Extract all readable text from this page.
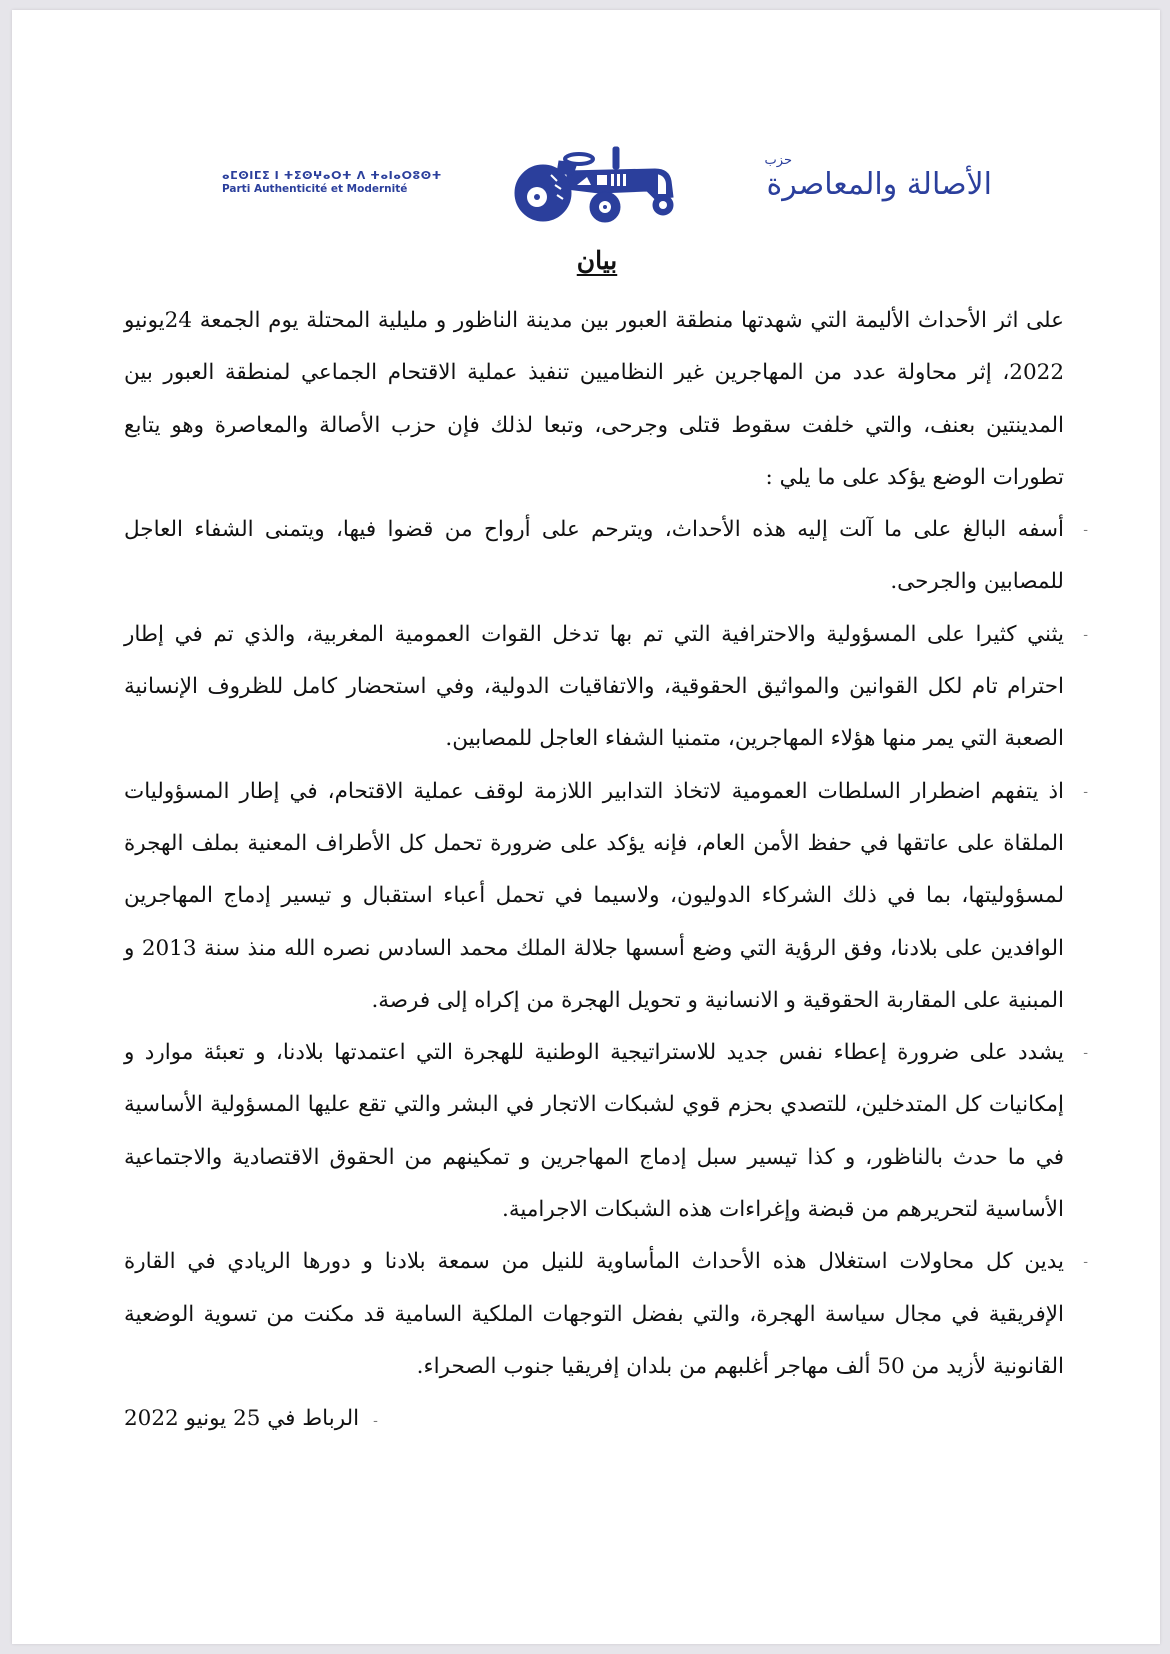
ⴰⵎⵙⵏⵎⵉ ⵏ ⵜⵉⵙⵖⴰⵔⵜ ⴷ ⵜⴰⵏⴰⵔⵓⵙⵜ
Parti Authenticité et Modernité
حزب
الأصالة والمعاصرة
بيان

على اثر الأحداث الأليمة التي شهدتها منطقة العبور بين مدينة الناظور و مليلية المحتلة يوم الجمعة 24يونيو 2022، إثر محاولة عدد من المهاجرين غير النظاميين تنفيذ عملية الاقتحام الجماعي لمنطقة العبور بين المدينتين بعنف، والتي خلفت سقوط قتلى وجرحى، وتبعا لذلك فإن حزب الأصالة والمعاصرة وهو يتابع تطورات الوضع يؤكد على ما يلي :

-
أسفه البالغ على ما آلت إليه هذه الأحداث، ويترحم على أرواح من قضوا فيها، ويتمنى الشفاء العاجل للمصابين والجرحى.
-
يثني كثيرا على المسؤولية والاحترافية التي تم بها تدخل القوات العمومية المغربية، والذي تم في إطار احترام تام لكل القوانين والمواثيق الحقوقية، والاتفاقيات الدولية، وفي استحضار كامل للظروف الإنسانية الصعبة التي يمر منها هؤلاء المهاجرين، متمنيا الشفاء العاجل للمصابين.
-
اذ يتفهم اضطرار السلطات العمومية لاتخاذ التدابير اللازمة لوقف عملية الاقتحام، في إطار المسؤوليات الملقاة على عاتقها في حفظ الأمن العام، فإنه يؤكد على ضرورة تحمل كل الأطراف المعنية بملف الهجرة لمسؤوليتها، بما في ذلك الشركاء الدوليون، ولاسيما في تحمل أعباء استقبال و تيسير إدماج المهاجرين الوافدين على بلادنا، وفق الرؤية التي وضع أسسها جلالة الملك محمد السادس نصره الله منذ سنة 2013 و المبنية على المقاربة الحقوقية و الانسانية و تحويل الهجرة من إكراه إلى فرصة.
-
يشدد على ضرورة إعطاء نفس جديد للاستراتيجية الوطنية للهجرة التي اعتمدتها بلادنا، و تعبئة موارد و إمكانيات كل المتدخلين، للتصدي بحزم قوي لشبكات الاتجار في البشر والتي تقع عليها المسؤولية الأساسية في ما حدث بالناظور، و كذا تيسير سبل إدماج المهاجرين و تمكينهم من الحقوق الاقتصادية والاجتماعية الأساسية لتحريرهم من قبضة وإغراءات هذه الشبكات الاجرامية.
-
يدين كل محاولات استغلال هذه الأحداث المأساوية للنيل من سمعة بلادنا و دورها الريادي في القارة الإفريقية في مجال سياسة الهجرة، والتي بفضل التوجهات الملكية السامية قد مكنت من تسوية الوضعية القانونية لأزيد من 50 ألف مهاجر أغلبهم من بلدان إفريقيا جنوب الصحراء.

-الرباط في 25 يونيو 2022
